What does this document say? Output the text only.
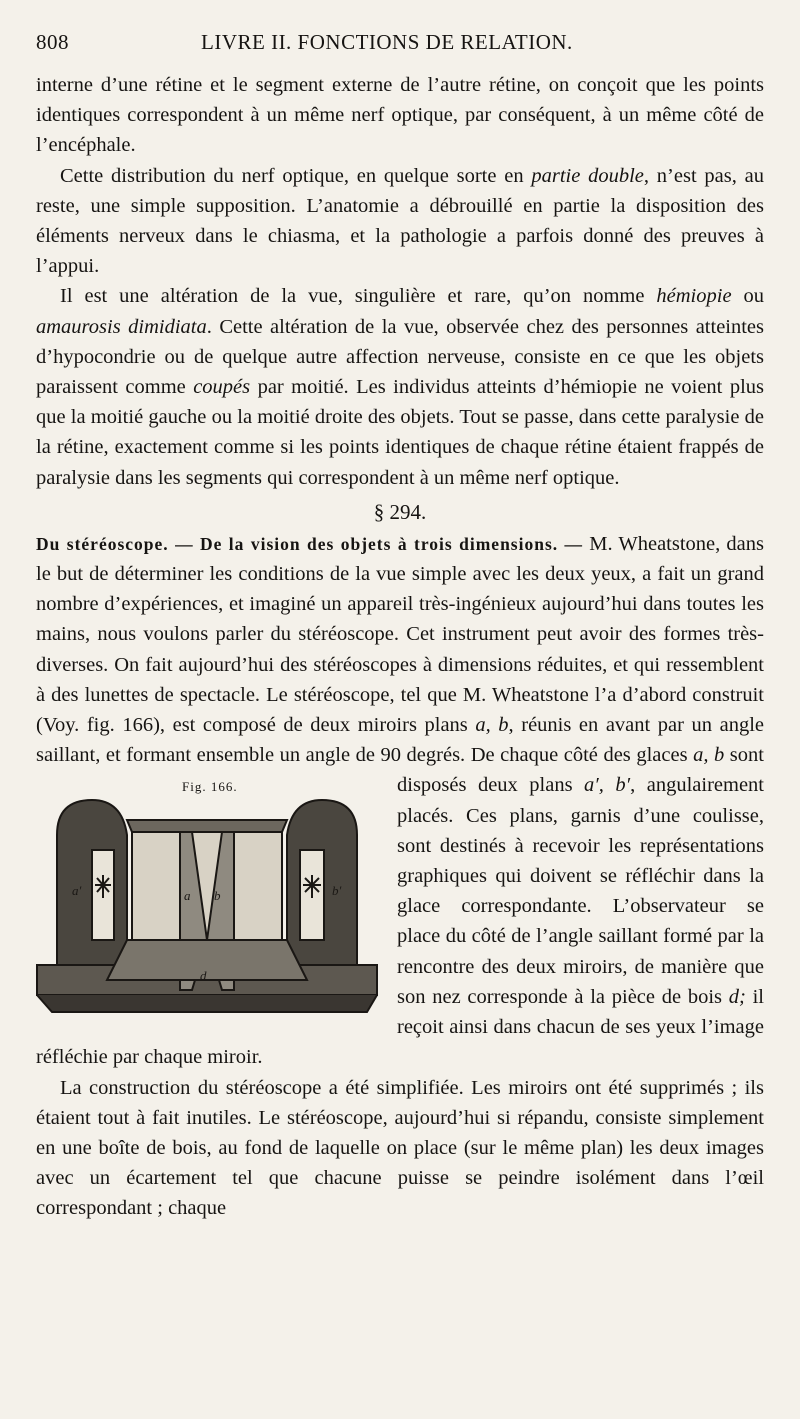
808	LIVRE II. FONCTIONS DE RELATION.

interne d’une rétine et le segment externe de l’autre rétine, on conçoit que les points identiques correspondent à un même nerf optique, par conséquent, à un même côté de l’encéphale.

Cette distribution du nerf optique, en quelque sorte en partie double, n’est pas, au reste, une simple supposition. L’anatomie a débrouillé en partie la disposition des éléments nerveux dans le chiasma, et la pathologie a parfois donné des preuves à l’appui.

Il est une altération de la vue, singulière et rare, qu’on nomme hémiopie ou amaurosis dimidiata. Cette altération de la vue, observée chez des personnes atteintes d’hypocondrie ou de quelque autre affection nerveuse, consiste en ce que les objets paraissent comme coupés par moitié. Les individus atteints d’hémiopie ne voient plus que la moitié gauche ou la moitié droite des objets. Tout se passe, dans cette paralysie de la rétine, exactement comme si les points identiques de chaque rétine étaient frappés de paralysie dans les segments qui correspondent à un même nerf optique.

§ 294.

Du stéréoscope. — De la vision des objets à trois dimensions. — M. Wheatstone, dans le but de déterminer les conditions de la vue simple avec les deux yeux, a fait un grand nombre d’expériences, et imaginé un appareil très-ingénieux aujourd’hui dans toutes les mains, nous voulons parler du stéréoscope. Cet instrument peut avoir des formes très-diverses. On fait aujourd’hui des stéréoscopes à dimensions réduites, et qui ressemblent à des lunettes de spectacle. Le stéréoscope, tel que M. Wheatstone l’a d’abord construit (Voy. fig. 166), est composé de deux miroirs plans a, b, réunis en avant par un angle saillant, et formant ensemble un angle de 90 degrés. De chaque côté des glaces
Fig. 166.
a′	a b
d
b′
a, b sont disposés deux plans a′, b′, angulairement placés. Ces plans, garnis d’une coulisse, sont destinés à recevoir les représentations graphiques qui doivent se réfléchir dans la glace correspondante. L’observateur se place du côté de l’angle saillant formé par la rencontre des deux miroirs, de manière que son nez corresponde à la pièce de bois d; il reçoit ainsi dans chacun de ses yeux l’image réfléchie par chaque miroir.

La construction du stéréoscope a été simplifiée. Les miroirs ont été supprimés ; ils étaient tout à fait inutiles. Le stéréoscope, aujourd’hui si répandu, consiste simplement en une boîte de bois, au fond de laquelle on place (sur le même plan) les deux images avec un écartement tel que chacune puisse se peindre isolément dans l’œil correspondant ; chaque
